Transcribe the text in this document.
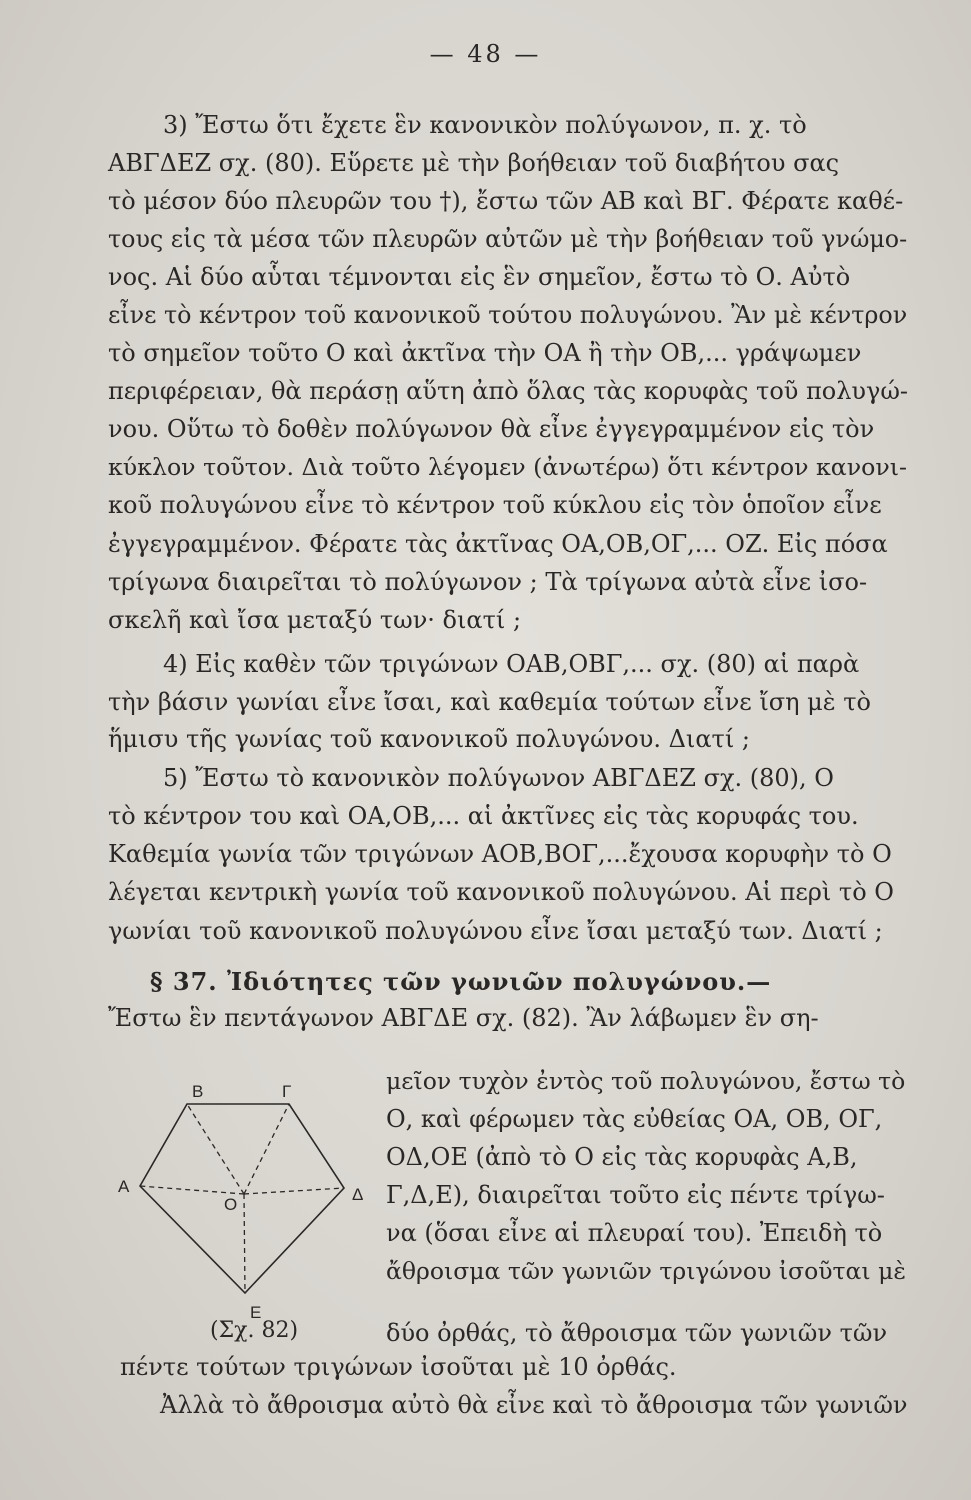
— 48 —
3) Ἔστω ὅτι ἔχετε ἓν κανονικὸν πολύγωνον, π. χ. τὸ
ΑΒΓΔΕΖ σχ. (80). Εὕρετε μὲ τὴν βοήθειαν τοῦ διαβήτου σας
τὸ μέσον δύο πλευρῶν του †), ἔστω τῶν ΑΒ καὶ ΒΓ. Φέρατε καθέ-
τους εἰς τὰ μέσα τῶν πλευρῶν αὐτῶν μὲ τὴν βοήθειαν τοῦ γνώμο-
νος. Αἱ δύο αὗται τέμνονται εἰς ἓν σημεῖον, ἔστω τὸ Ο. Αὐτὸ
εἶνε τὸ κέντρον τοῦ κανονικοῦ τούτου πολυγώνου. Ἂν μὲ κέντρον
τὸ σημεῖον τοῦτο Ο καὶ ἀκτῖνα τὴν ΟΑ ἢ τὴν ΟΒ,... γράψωμεν
περιφέρειαν, θὰ περάσῃ αὕτη ἀπὸ ὅλας τὰς κορυφὰς τοῦ πολυγώ-
νου. Οὕτω τὸ δοθὲν πολύγωνον θὰ εἶνε ἐγγεγραμμένον εἰς τὸν
κύκλον τοῦτον. Διὰ τοῦτο λέγομεν (ἀνωτέρω) ὅτι κέντρον κανονι-
κοῦ πολυγώνου εἶνε τὸ κέντρον τοῦ κύκλου εἰς τὸν ὁποῖον εἶνε
ἐγγεγραμμένον. Φέρατε τὰς ἀκτῖνας ΟΑ,ΟΒ,ΟΓ,... ΟΖ. Εἰς πόσα
τρίγωνα διαιρεῖται τὸ πολύγωνον ; Τὰ τρίγωνα αὐτὰ εἶνε ἰσο-
σκελῆ καὶ ἴσα μεταξύ των· διατί ;
4) Εἰς καθὲν τῶν τριγώνων ΟΑΒ,ΟΒΓ,... σχ. (80) αἱ παρὰ
τὴν βάσιν γωνίαι εἶνε ἴσαι, καὶ καθεμία τούτων εἶνε ἴση μὲ τὸ
ἥμισυ τῆς γωνίας τοῦ κανονικοῦ πολυγώνου. Διατί ;
5) Ἔστω τὸ κανονικὸν πολύγωνον ΑΒΓΔΕΖ σχ. (80), Ο
τὸ κέντρον του καὶ ΟΑ,ΟΒ,... αἱ ἀκτῖνες εἰς τὰς κορυφάς του.
Καθεμία γωνία τῶν τριγώνων ΑΟΒ,ΒΟΓ,...ἔχουσα κορυφὴν τὸ Ο
λέγεται κεντρικὴ γωνία τοῦ κανονικοῦ πολυγώνου. Αἱ περὶ τὸ Ο
γωνίαι τοῦ κανονικοῦ πολυγώνου εἶνε ἴσαι μεταξύ των. Διατί ;
§ 37. Ἰδιότητες τῶν γωνιῶν πολυγώνου.—
Ἔστω ἓν πεντάγωνον ΑΒΓΔΕ σχ. (82). Ἂν λάβωμεν ἓν ση-
μεῖον τυχὸν ἐντὸς τοῦ πολυγώνου, ἔστω τὸ
Ο, καὶ φέρωμεν τὰς εὐθείας ΟΑ, ΟΒ, ΟΓ,
ΟΔ,ΟΕ (ἀπὸ τὸ Ο εἰς τὰς κορυφὰς Α,Β,
Γ,Δ,Ε), διαιρεῖται τοῦτο εἰς πέντε τρίγω-
να (ὅσαι εἶνε αἱ πλευραί του). Ἐπειδὴ τὸ
ἄθροισμα τῶν γωνιῶν τριγώνου ἰσοῦται μὲ
δύο ὀρθάς, τὸ ἄθροισμα τῶν γωνιῶν τῶν
πέντε τούτων τριγώνων ἰσοῦται μὲ 10 ὀρθάς.
Ἀλλὰ τὸ ἄθροισμα αὐτὸ θὰ εἶνε καὶ τὸ ἄθροισμα τῶν γωνιῶν
Β	Γ
Α	Δ
Ε
Ο
(Σχ. 82)
